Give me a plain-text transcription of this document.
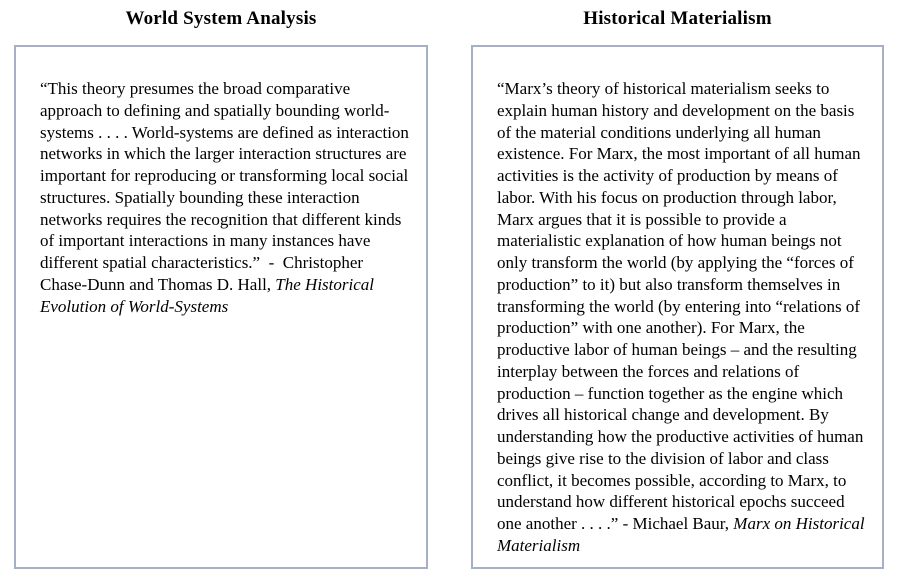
World System Analysis	Historical Materialism

“This theory presumes the broad comparative approach to defining and spatially bounding world-systems . . . . World-systems are defined as interaction networks in which the larger interaction structures are important for reproducing or transforming local social structures. Spatially bounding these interaction networks requires the recognition that different kinds of important interactions in many instances have different spatial characteristics.”  -  Christopher Chase-Dunn and Thomas D. Hall, The Historical Evolution of World-Systems

“Marx’s theory of historical materialism seeks to explain human history and development on the basis of the material conditions underlying all human existence. For Marx, the most important of all human activities is the activity of production by means of labor. With his focus on production through labor, Marx argues that it is possible to provide a materialistic explanation of how human beings not only transform the world (by applying the “forces of production” to it) but also transform themselves in transforming the world (by entering into “relations of production” with one another). For Marx, the productive labor of human beings – and the resulting interplay between the forces and relations of production – function together as the engine which drives all historical change and development. By understanding how the productive activities of human beings give rise to the division of labor and class conflict, it becomes possible, according to Marx, to understand how different historical epochs succeed one another . . . .” - Michael Baur, Marx on Historical Materialism
